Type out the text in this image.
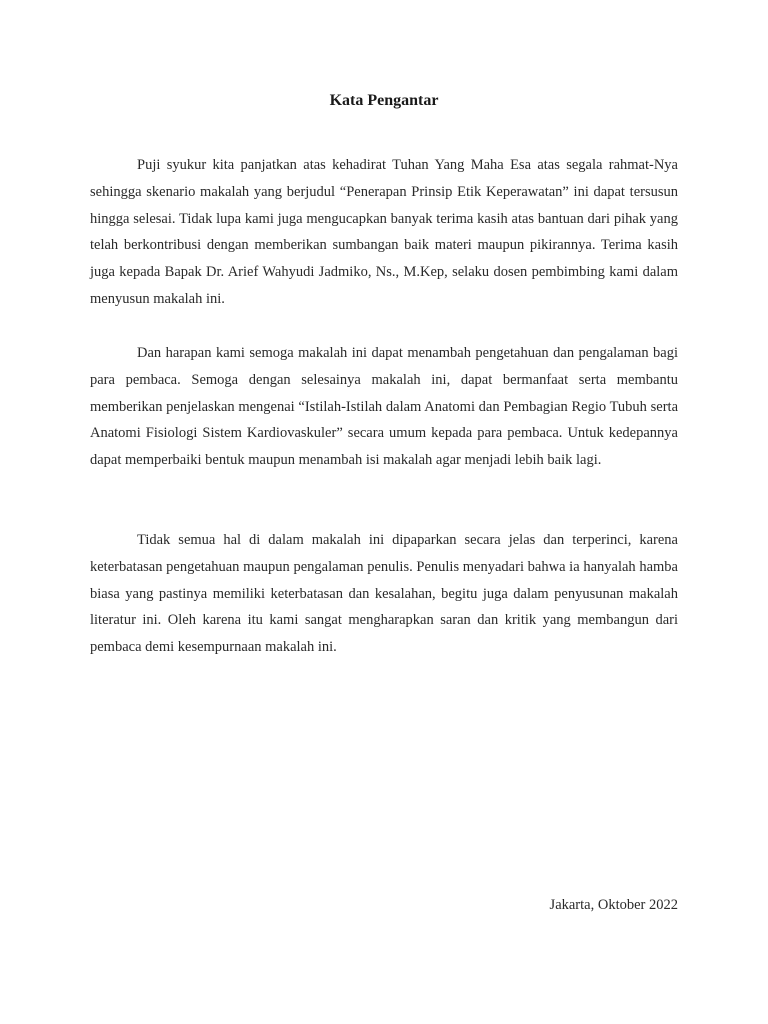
Kata Pengantar

Puji syukur kita panjatkan atas kehadirat Tuhan Yang Maha Esa atas segala rahmat-Nya sehingga skenario makalah yang berjudul “Penerapan Prinsip Etik Keperawatan” ini dapat tersusun hingga selesai. Tidak lupa kami juga mengucapkan banyak terima kasih atas bantuan dari pihak yang telah berkontribusi dengan memberikan sumbangan baik materi maupun pikirannya. Terima kasih juga kepada Bapak Dr. Arief Wahyudi Jadmiko, Ns., M.Kep, selaku dosen pembimbing kami dalam menyusun makalah ini.

Dan harapan kami semoga makalah ini dapat menambah pengetahuan dan pengalaman bagi para pembaca. Semoga dengan selesainya makalah ini, dapat bermanfaat serta membantu memberikan penjelaskan mengenai “Istilah-Istilah dalam Anatomi dan Pembagian Regio Tubuh serta Anatomi Fisiologi Sistem Kardiovaskuler” secara umum kepada para pembaca. Untuk kedepannya dapat memperbaiki bentuk maupun menambah isi makalah agar menjadi lebih baik lagi.

Tidak semua hal di dalam makalah ini dipaparkan secara jelas dan terperinci, karena keterbatasan pengetahuan maupun pengalaman penulis. Penulis menyadari bahwa ia hanyalah hamba biasa yang pastinya memiliki keterbatasan dan kesalahan, begitu juga dalam penyusunan makalah literatur ini. Oleh karena itu kami sangat mengharapkan saran dan kritik yang membangun dari pembaca demi kesempurnaan makalah ini.

Jakarta, Oktober 2022
